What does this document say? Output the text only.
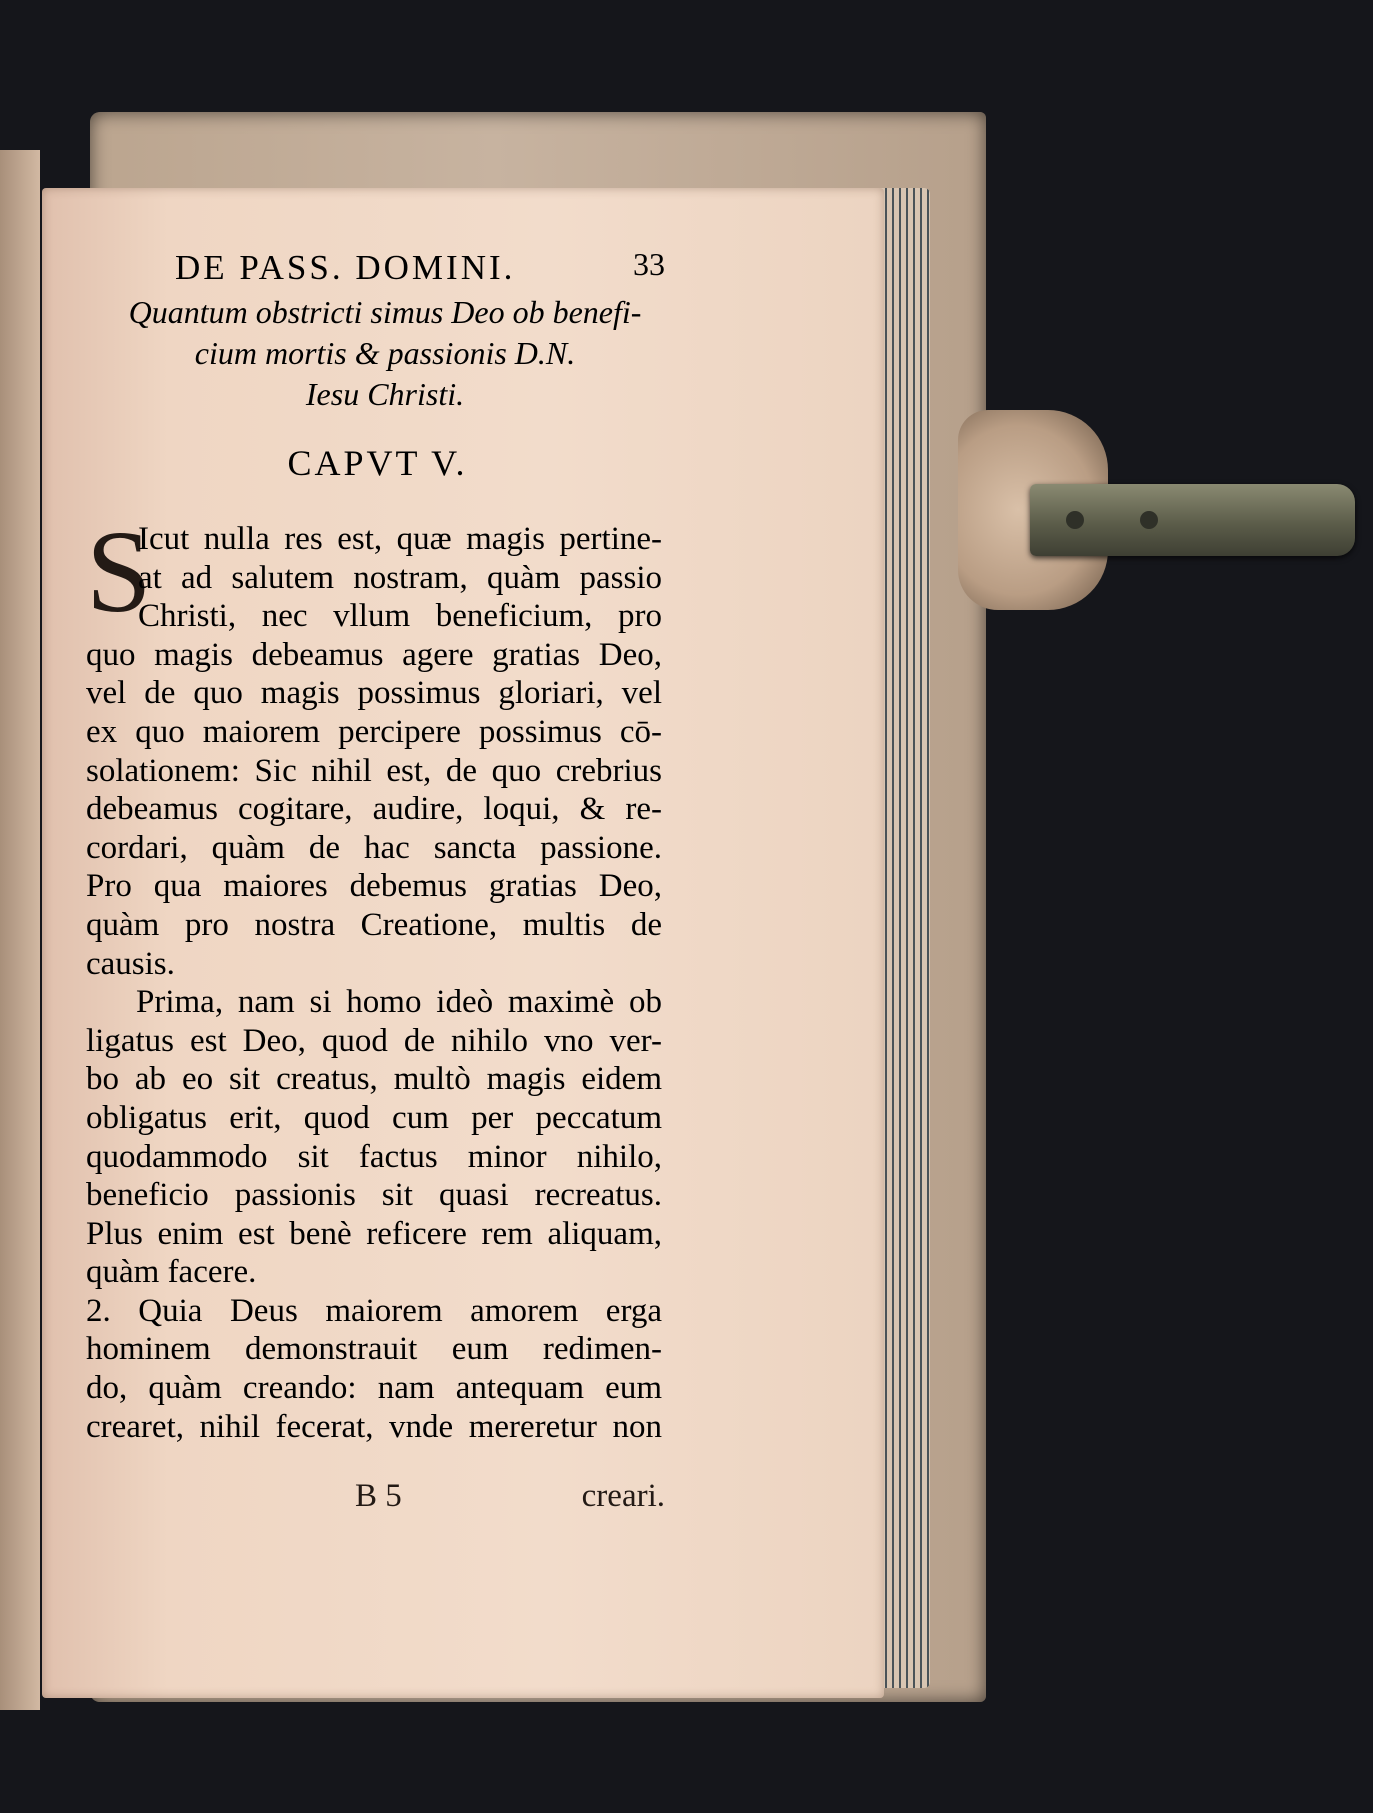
DE PASS. DOMINI.	33
Quantum obstricti simus Deo ob benefi-
cium mortis & passionis D.N.
Iesu Christi.
CAPVT V.
S
Icut nulla res est, quæ magis pertine-
at ad salutem nostram, quàm passio
Christi, nec vllum beneficium, pro
quo magis debeamus agere gratias Deo,
vel de quo magis possimus gloriari, vel
ex quo maiorem percipere possimus cō-
solationem: Sic nihil est, de quo crebrius
debeamus cogitare, audire, loqui, & re-
cordari, quàm de hac sancta passione.
Pro qua maiores debemus gratias Deo,
quàm pro nostra Creatione, multis de
causis.
Prima, nam si homo ideò maximè ob
ligatus est Deo, quod de nihilo vno ver-
bo ab eo sit creatus, multò magis eidem
obligatus erit, quod cum per peccatum
quodammodo sit factus minor nihilo,
beneficio passionis sit quasi recreatus.
Plus enim est benè reficere rem aliquam,
quàm facere.
2. Quia Deus maiorem amorem erga
hominem demonstrauit eum redimen-
do, quàm creando: nam antequam eum
crearet, nihil fecerat, vnde mereretur non
B 5	creari.
